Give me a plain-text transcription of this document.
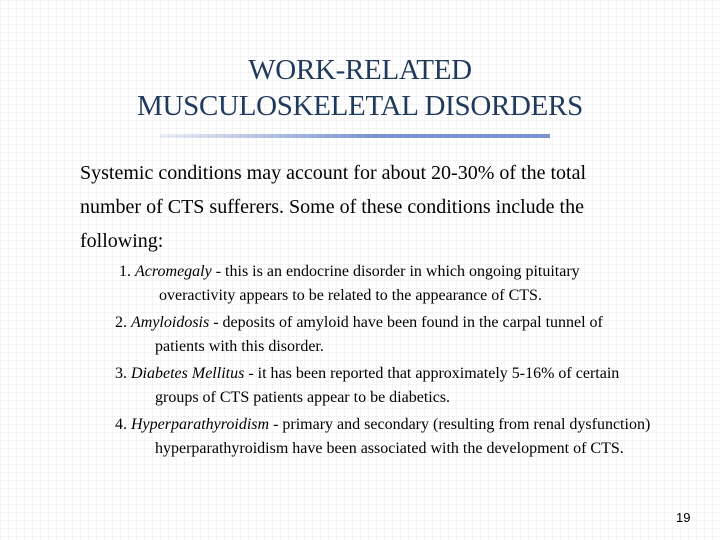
WORK-RELATED
MUSCULOSKELETAL DISORDERS

Systemic conditions may account for about 20‑30% of the total number of CTS sufferers. Some of these conditions include the following:

1. Acromegaly ‑ this is an endocrine disorder in which ongoing pituitary overactivity appears to be related to the appearance of CTS.

2. Amyloidosis ‑ deposits of amyloid have been found in the carpal tunnel of patients with this disorder.

3. Diabetes Mellitus ‑ it has been reported that approximately 5‑16% of certain groups of CTS patients appear to be diabetics.

4. Hyperparathyroidism ‑ primary and secondary (resulting from renal dysfunction) hyperparathyroidism have been associated with the development of CTS.

19
